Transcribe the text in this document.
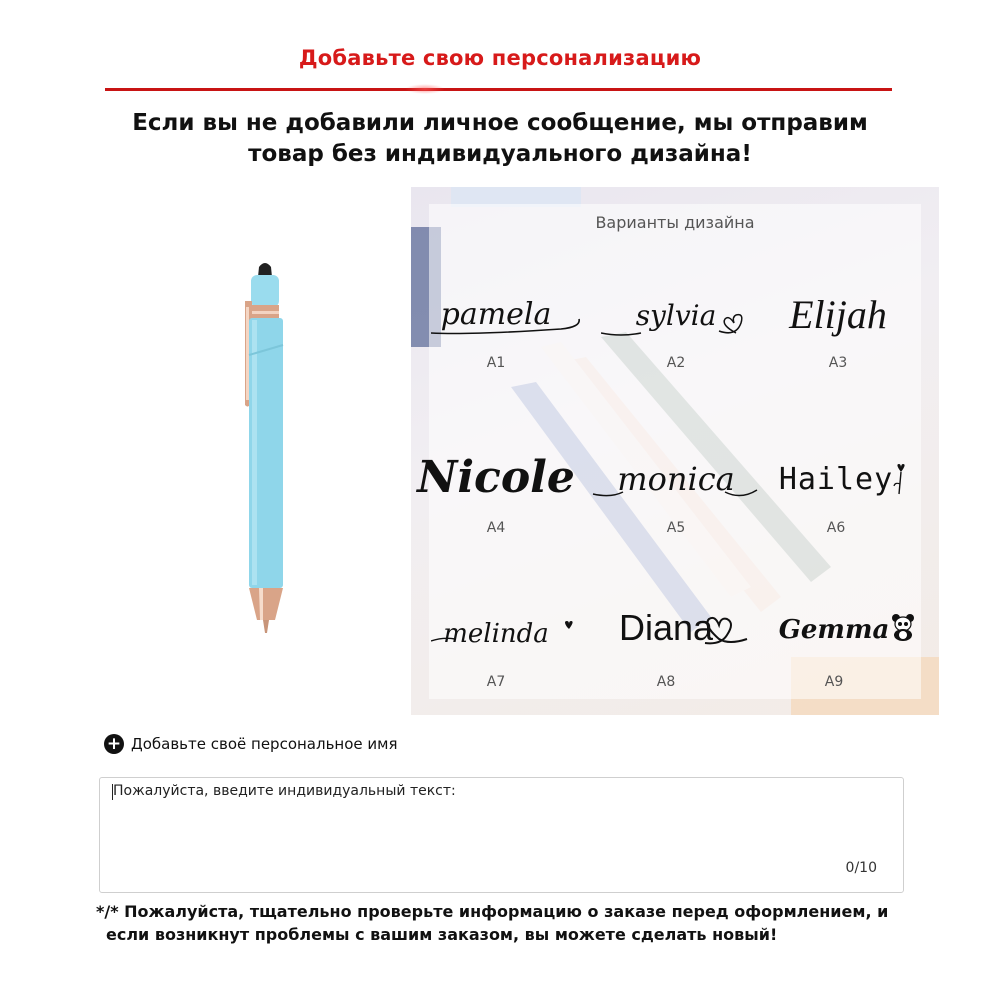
Добавьте свою персонализацию
Если вы не добавили личное сообщение, мы отправим
товар без индивидуального дизайна!
Варианты дизайна
pamela
A1
sylvia
A2
Elijah
A3
Nicole
A4
monica
A5
Hailey
A6
melinda
A7
Diana
A8
Gemma
A9
+ Добавьте своё персональное имя
Пожалуйста, введите индивидуальный текст:
0/10
*/* Пожалуйста, тщательно проверьте информацию о заказе перед оформлением, и
если возникнут проблемы с вашим заказом, вы можете сделать новый!
